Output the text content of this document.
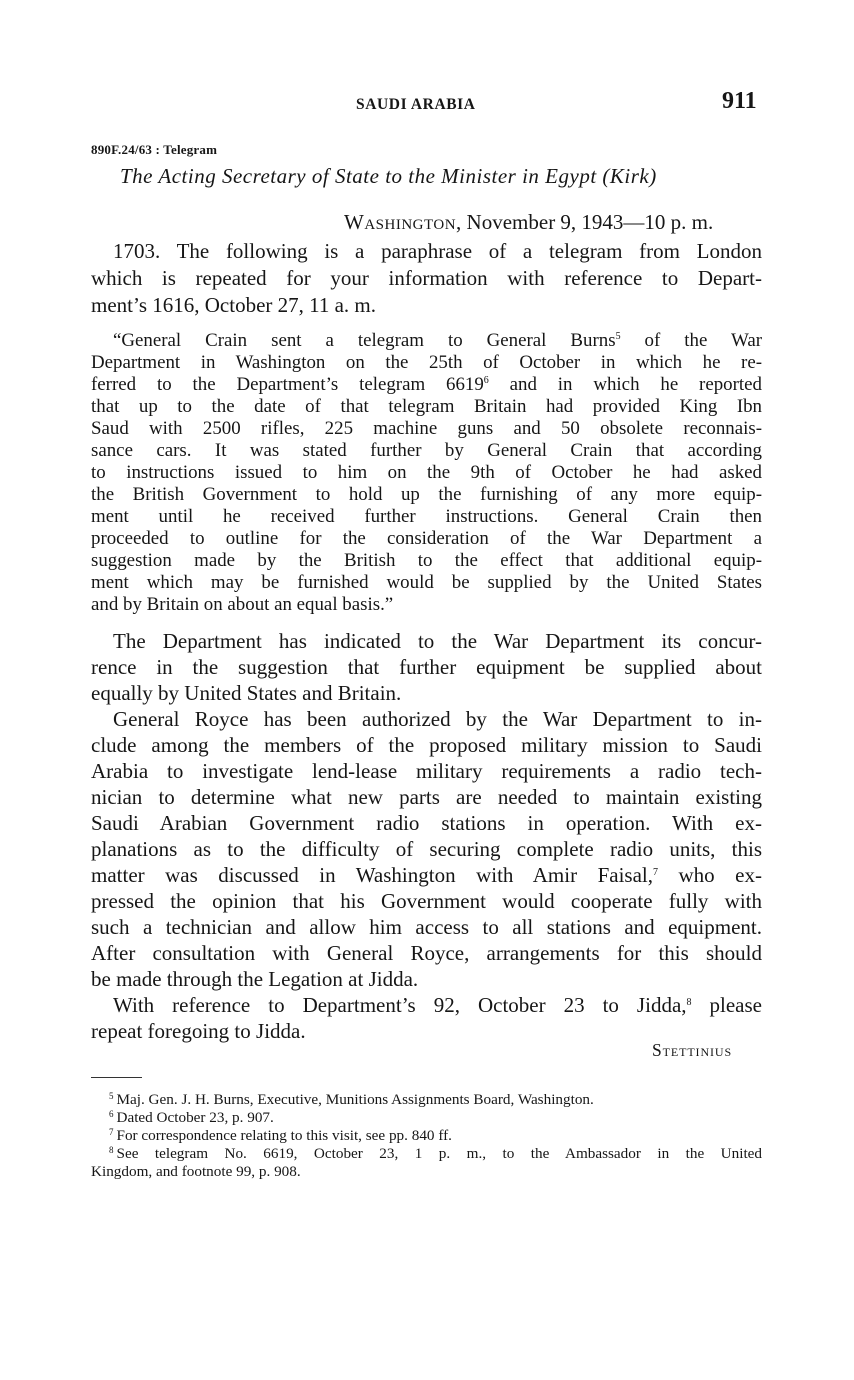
SAUDI ARABIA	911
890F.24/63 : Telegram
The Acting Secretary of State to the Minister in Egypt (Kirk)
Washington, November 9, 1943—10 p. m.
1703. The following is a paraphrase of a telegram from London
which is repeated for your information with reference to Depart-
ment’s 1616, October 27, 11 a. m.
“General Crain sent a telegram to General Burns$^5$ of the War
Department in Washington on the 25th of October in which he re-
ferred to the Department’s telegram 6619$^6$ and in which he reported
that up to the date of that telegram Britain had provided King Ibn
Saud with 2500 rifles, 225 machine guns and 50 obsolete reconnais-
sance cars. It was stated further by General Crain that according
to instructions issued to him on the 9th of October he had asked
the British Government to hold up the furnishing of any more equip-
ment until he received further instructions. General Crain then
proceeded to outline for the consideration of the War Department a
suggestion made by the British to the effect that additional equip-
ment which may be furnished would be supplied by the United States
and by Britain on about an equal basis.”
The Department has indicated to the War Department its concur-
rence in the suggestion that further equipment be supplied about
equally by United States and Britain.
General Royce has been authorized by the War Department to in-
clude among the members of the proposed military mission to Saudi
Arabia to investigate lend-lease military requirements a radio tech-
nician to determine what new parts are needed to maintain existing
Saudi Arabian Government radio stations in operation. With ex-
planations as to the difficulty of securing complete radio units, this
matter was discussed in Washington with Amir Faisal,$^7$ who ex-
pressed the opinion that his Government would cooperate fully with
such a technician and allow him access to all stations and equipment.
After consultation with General Royce, arrangements for this should
be made through the Legation at Jidda.
With reference to Department’s 92, October 23 to Jidda,$^8$ please
repeat foregoing to Jidda.
Stettinius
$^5$ Maj. Gen. J. H. Burns, Executive, Munitions Assignments Board, Washington.
$^6$ Dated October 23, p. 907.
$^7$ For correspondence relating to this visit, see pp. 840 ff.
$^8$ See telegram No. 6619, October 23, 1 p. m., to the Ambassador in the United
Kingdom, and footnote 99, p. 908.
